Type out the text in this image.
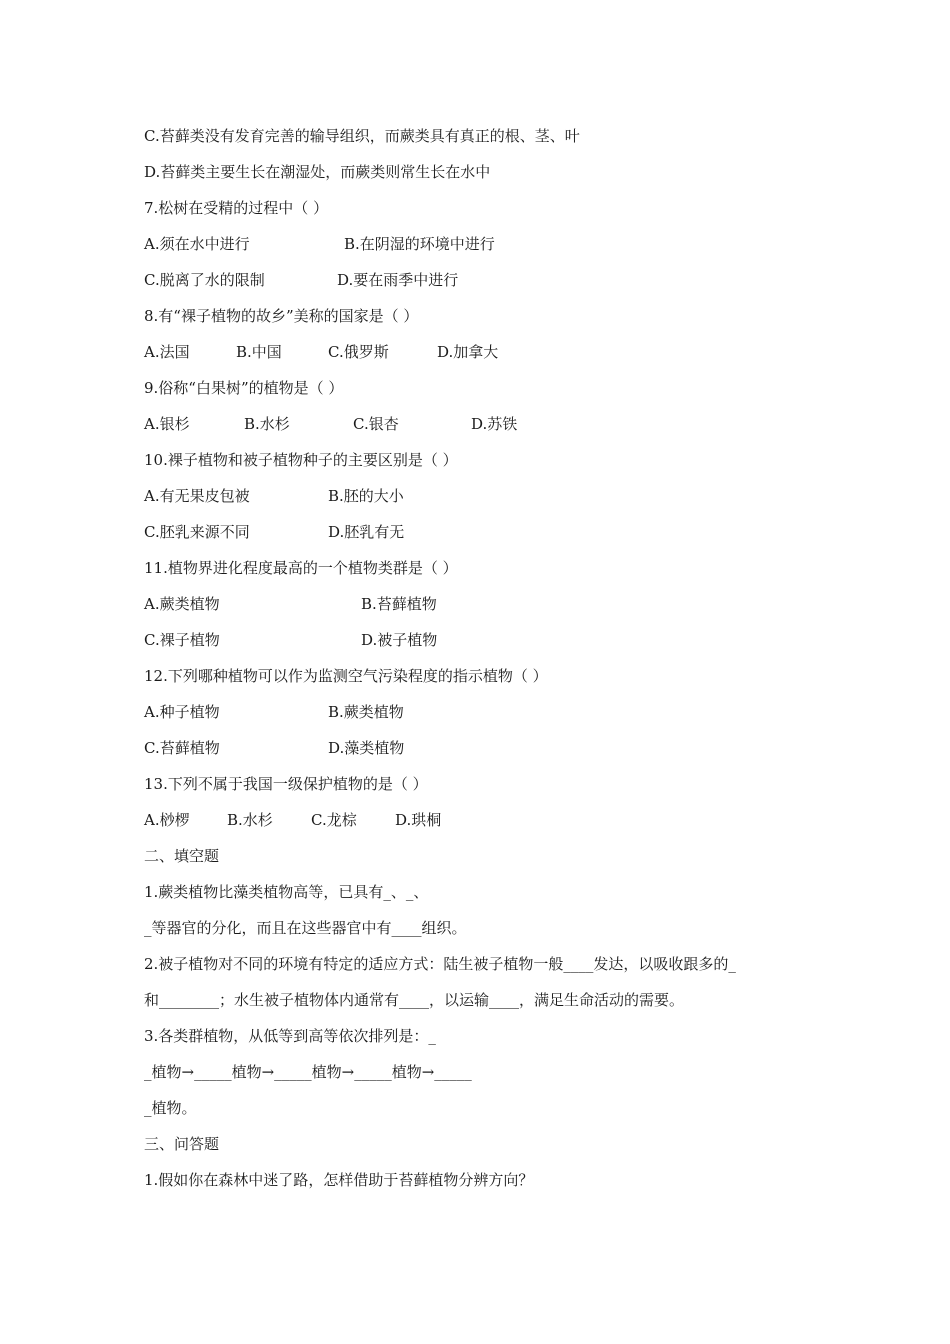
C.苔藓类没有发育完善的输导组织，而蕨类具有真正的根、茎、叶
D.苔藓类主要生长在潮湿处，而蕨类则常生长在水中
7.松树在受精的过程中（ ）
A.须在水中进行	B.在阴湿的环境中进行
C.脱离了水的限制	D.要在雨季中进行
8.有“裸子植物的故乡”美称的国家是（ ）
A.法国	B.中国	C.俄罗斯	D.加拿大
9.俗称“白果树”的植物是（ ）
A.银杉	B.水杉	C.银杏	D.苏铁
10.裸子植物和被子植物种子的主要区别是（ ）
A.有无果皮包被	B.胚的大小
C.胚乳来源不同	D.胚乳有无
11.植物界进化程度最高的一个植物类群是（ ）
A.蕨类植物	B.苔藓植物
C.裸子植物	D.被子植物
12.下列哪种植物可以作为监测空气污染程度的指示植物（ ）
A.种子植物	B.蕨类植物
C.苔藓植物	D.藻类植物
13.下列不属于我国一级保护植物的是（ ）
A.桫椤 B.水杉	C.龙棕	D.珙桐
二、填空题
1.蕨类植物比藻类植物高等，已具有_、_、
_等器官的分化，而且在这些器官中有____组织。
2.被子植物对不同的环境有特定的适应方式：陆生被子植物一般____发达，以吸收跟多的_
和________；水生被子植物体内通常有____，以运输____，满足生命活动的需要。
3.各类群植物，从低等到高等依次排列是：_
_植物→_____植物→_____植物→_____植物→_____
_植物。
三、问答题
1.假如你在森林中迷了路，怎样借助于苔藓植物分辨方向？
